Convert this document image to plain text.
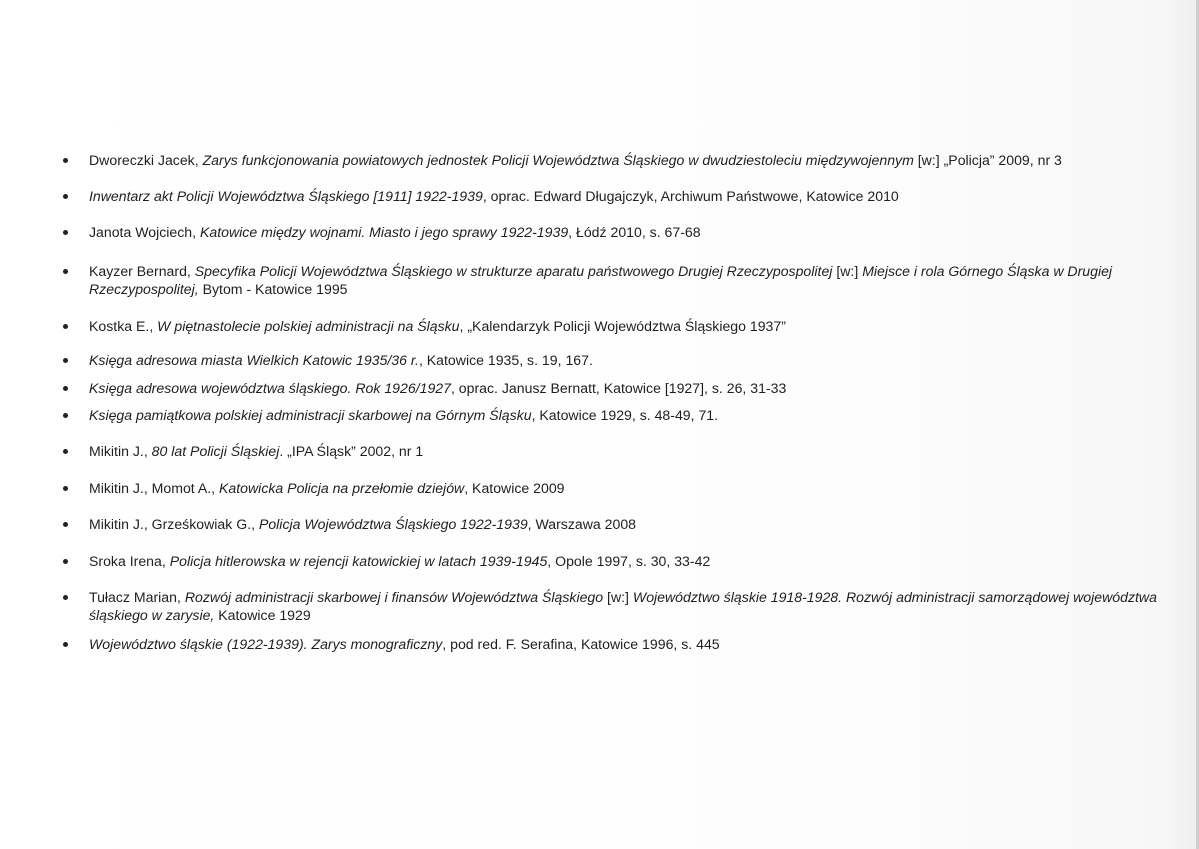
Dworeczki Jacek, Zarys funkcjonowania powiatowych jednostek Policji Województwa Śląskiego w dwudziestoleciu międzywojennym [w:] „Policja” 2009, nr 3
Inwentarz akt Policji Województwa Śląskiego [1911] 1922-1939, oprac. Edward Długajczyk, Archiwum Państwowe, Katowice 2010
Janota Wojciech, Katowice między wojnami. Miasto i jego sprawy 1922-1939, Łódź 2010, s. 67-68
Kayzer Bernard, Specyfika Policji Województwa Śląskiego w strukturze aparatu państwowego Drugiej Rzeczypospolitej [w:] Miejsce i rola Górnego Śląska w Drugiej Rzeczypospolitej, Bytom - Katowice 1995
Kostka E., W piętnastolecie polskiej administracji na Śląsku, „Kalendarzyk Policji Województwa Śląskiego 1937”
Księga adresowa miasta Wielkich Katowic 1935/36 r., Katowice 1935, s. 19, 167.
Księga adresowa województwa śląskiego. Rok 1926/1927, oprac. Janusz Bernatt, Katowice [1927], s. 26, 31-33
Księga pamiątkowa polskiej administracji skarbowej na Górnym Śląsku, Katowice 1929, s. 48-49, 71.
Mikitin J., 80 lat Policji Śląskiej. „IPA Śląsk” 2002, nr 1
Mikitin J., Momot A., Katowicka Policja na przełomie dziejów, Katowice 2009
Mikitin J., Grześkowiak G., Policja Województwa Śląskiego 1922-1939, Warszawa 2008
Sroka Irena, Policja hitlerowska w rejencji katowickiej w latach 1939-1945, Opole 1997, s. 30, 33-42
Tułacz Marian, Rozwój administracji skarbowej i finansów Województwa Śląskiego [w:] Województwo śląskie 1918-1928. Rozwój administracji samorządowej województwa śląskiego w zarysie, Katowice 1929
Województwo śląskie (1922-1939). Zarys monograficzny, pod red. F. Serafina, Katowice 1996, s. 445
